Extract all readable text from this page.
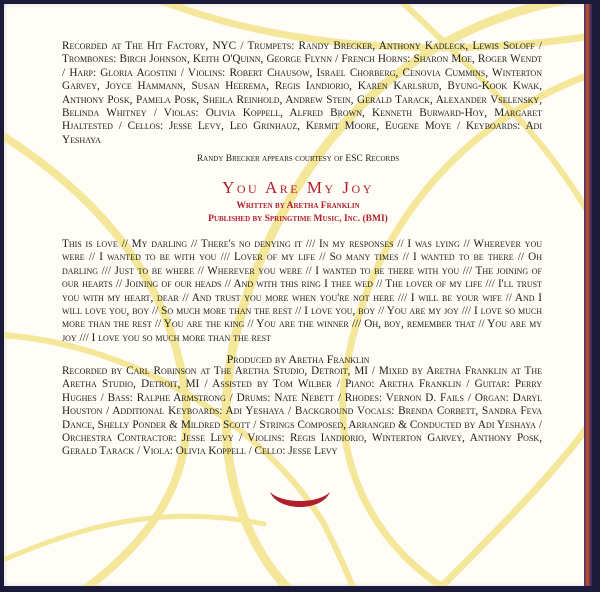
Recorded at The Hit Factory, NYC / Trumpets: Randy Brecker, Anthony Kadleck, Lewis Soloff / Trombones: Birch Johnson, Keith O'Quinn, George Flynn / French Horns: Sharon Moe, Roger Wendt / Harp: Gloria Agostini / Violins: Robert Chausow, Israel Chorberg, Cenovia Cummins, Winterton Garvey, Joyce Hammann, Susan Heerema, Regis Iandiorio, Karen Karlsrud, Byung-Kook Kwak, Anthony Posk, Pamela Posk, Sheila Reinhold, Andrew Stein, Gerald Tarack, Alexander Vselensky, Belinda Whitney / Violas: Olivia Koppell, Alfred Brown, Kenneth Burward-Hoy, Margaret Hjaltested / Cellos: Jesse Levy, Leo Grinhauz, Kermit Moore, Eugene Moye / Keyboards: Adi Yeshaya
Randy Brecker appears courtesy of ESC Records
You Are My Joy
Written by Aretha Franklin
Published by Springtime Music, Inc. (BMI)
This is love // My darling // There's no denying it /// In my responses // I was lying // Wherever you were // I wanted to be with you /// Lover of my life // So many times // I wanted to be there // Oh darling /// Just to be where // Wherever you were // I wanted to be there with you /// The joining of our hearts // Joining of our heads // And with this ring I thee wed // The lover of my life /// I'll trust you with my heart, dear // And trust you more when you're not here /// I will be your wife // And I will love you, boy // So much more than the rest // I love you, boy // You are my joy /// I love so much more than the rest // You are the king // You are the winner /// Oh, boy, remember that // You are my joy /// I love you so much more than the rest
Produced by Aretha Franklin
Recorded by Carl Robinson at The Aretha Studio, Detroit, MI / Mixed by Aretha Franklin at The Aretha Studio, Detroit, MI / Assisted by Tom Wilber / Piano: Aretha Franklin / Guitar: Perry Hughes / Bass: Ralphe Armstrong / Drums: Nate Nebett / Rhodes: Vernon D. Fails / Organ: Daryl Houston / Additional Keyboards: Adi Yeshaya / Background Vocals: Brenda Corbett, Sandra Feva Dance, Shelly Ponder & Mildred Scott / Strings Composed, Arranged & Conducted by Adi Yeshaya / Orchestra Contractor: Jesse Levy / Violins: Regis Iandiorio, Winterton Garvey, Anthony Posk, Gerald Tarack / Viola: Olivia Koppell / Cello: Jesse Levy
